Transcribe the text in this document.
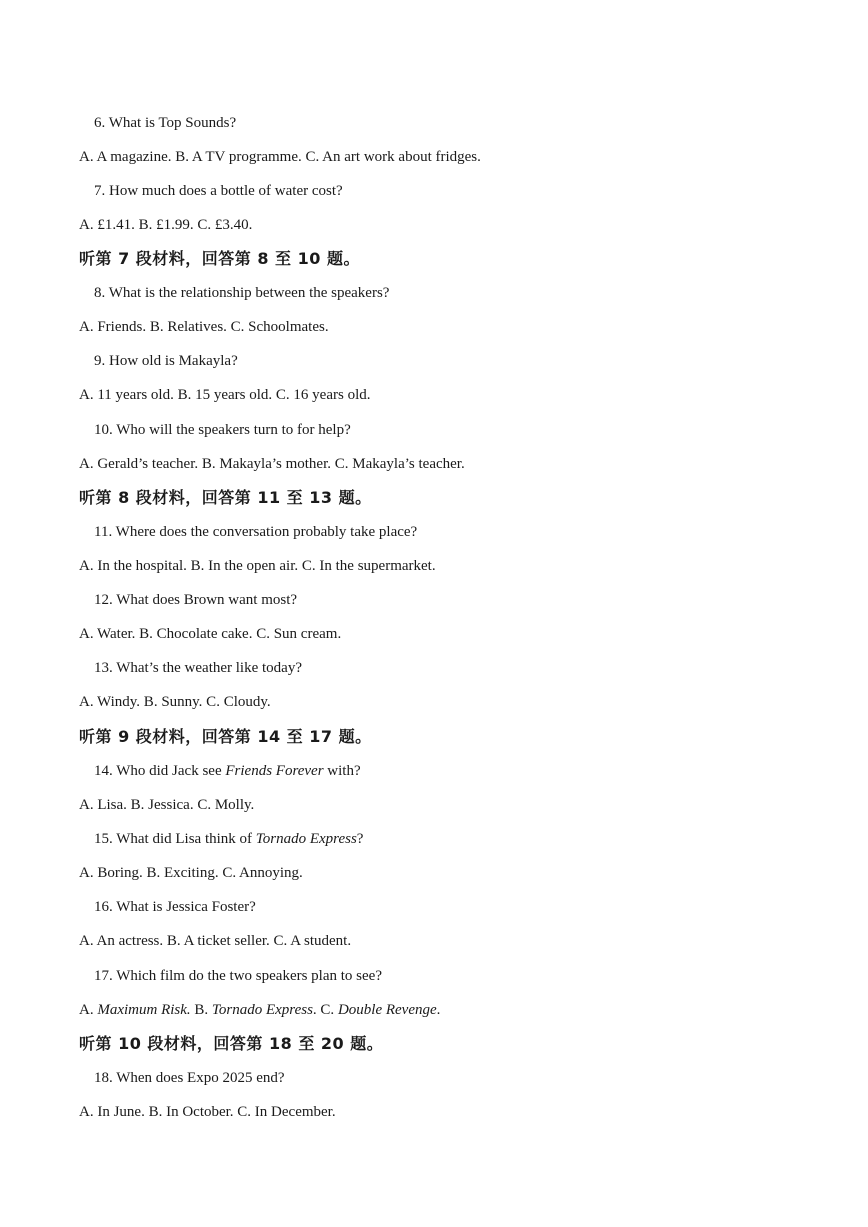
6. What is Top Sounds?
A. A magazine. B. A TV programme. C. An art work about fridges.
7. How much does a bottle of water cost?
A. £1.41. B. £1.99. C. £3.40.
听第 7 段材料，回答第 8 至 10 题。
8. What is the relationship between the speakers?
A. Friends. B. Relatives. C. Schoolmates.
9. How old is Makayla?
A. 11 years old. B. 15 years old. C. 16 years old.
10. Who will the speakers turn to for help?
A. Gerald’s teacher. B. Makayla’s mother. C. Makayla’s teacher.
听第 8 段材料，回答第 11 至 13 题。
11. Where does the conversation probably take place?
A. In the hospital. B. In the open air. C. In the supermarket.
12. What does Brown want most?
A. Water. B. Chocolate cake. C. Sun cream.
13. What’s the weather like today?
A. Windy. B. Sunny. C. Cloudy.
听第 9 段材料，回答第 14 至 17 题。
14. Who did Jack see Friends Forever with?
A. Lisa. B. Jessica. C. Molly.
15. What did Lisa think of Tornado Express?
A. Boring. B. Exciting. C. Annoying.
16. What is Jessica Foster?
A. An actress. B. A ticket seller. C. A student.
17. Which film do the two speakers plan to see?
A. Maximum Risk. B. Tornado Express. C. Double Revenge.
听第 10 段材料，回答第 18 至 20 题。
18. When does Expo 2025 end?
A. In June. B. In October. C. In December.
